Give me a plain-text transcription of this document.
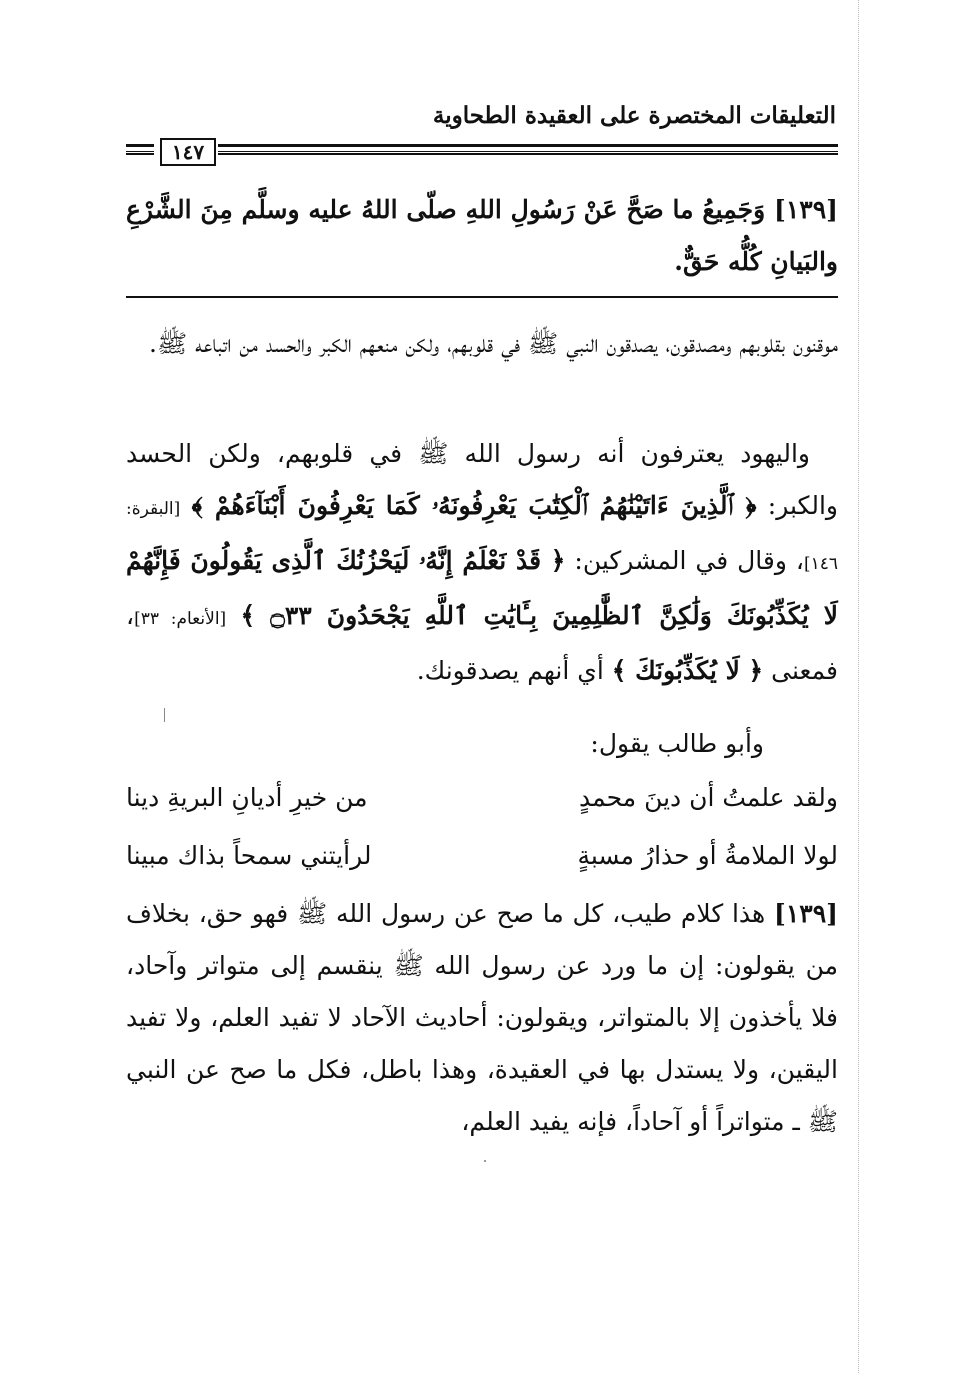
التعليقات المختصرة على العقيدة الطحاوية
١٤٧
[١٣٩] وَجَمِيعُ ما صَحَّ عَنْ رَسُولِ اللهِ صلّى اللهُ عليه وسلَّم مِنَ الشَّرْعِ والبَيانِ كُلُّه حَقٌّ.

موقنون بقلوبهم ومصدقون، يصدقون النبي ﷺ في قلوبهم، ولكن منعهم الكبر والحسد من اتباعه ﷺ.

واليهود يعترفون أنه رسول الله ﷺ في قلوبهم، ولكن الحسد والكبر: ﴿ ٱلَّذِينَ ءَاتَيْنَٰهُمُ ٱلْكِتَٰبَ يَعْرِفُونَهُۥ كَمَا يَعْرِفُونَ أَبْنَآءَهُمْ ﴾ [البقرة: ١٤٦]، وقال في المشركين: ﴿ قَدْ نَعْلَمُ إِنَّهُۥ لَيَحْزُنُكَ ٱلَّذِى يَقُولُونَ فَإِنَّهُمْ لَا يُكَذِّبُونَكَ وَلَٰكِنَّ ٱلظَّٰلِمِينَ بِـَٔايَٰتِ ٱللَّهِ يَجْحَدُونَ ۝٣٣ ﴾ [الأنعام: ٣٣]، فمعنى ﴿ لَا يُكَذِّبُونَكَ ﴾ أي أنهم يصدقونك.

وأبو طالب يقول:

ولقد علمتُ أن دينَ محمدٍ
من خيرِ أديانِ البريةِ دينا
لولا الملامةُ أو حذارُ مسبةٍ
لرأيتني سمحاً بذاك مبينا

[١٣٩] هذا كلام طيب، كل ما صح عن رسول الله ﷺ فهو حق، بخلاف من يقولون: إن ما ورد عن رسول الله ﷺ ينقسم إلى متواتر وآحاد، فلا يأخذون إلا بالمتواتر، ويقولون: أحاديث الآحاد لا تفيد العلم، ولا تفيد اليقين، ولا يستدل بها في العقيدة، وهذا باطل، فكل ما صح عن النبي ﷺ ـ متواتراً أو آحاداً، فإنه يفيد العلم،
